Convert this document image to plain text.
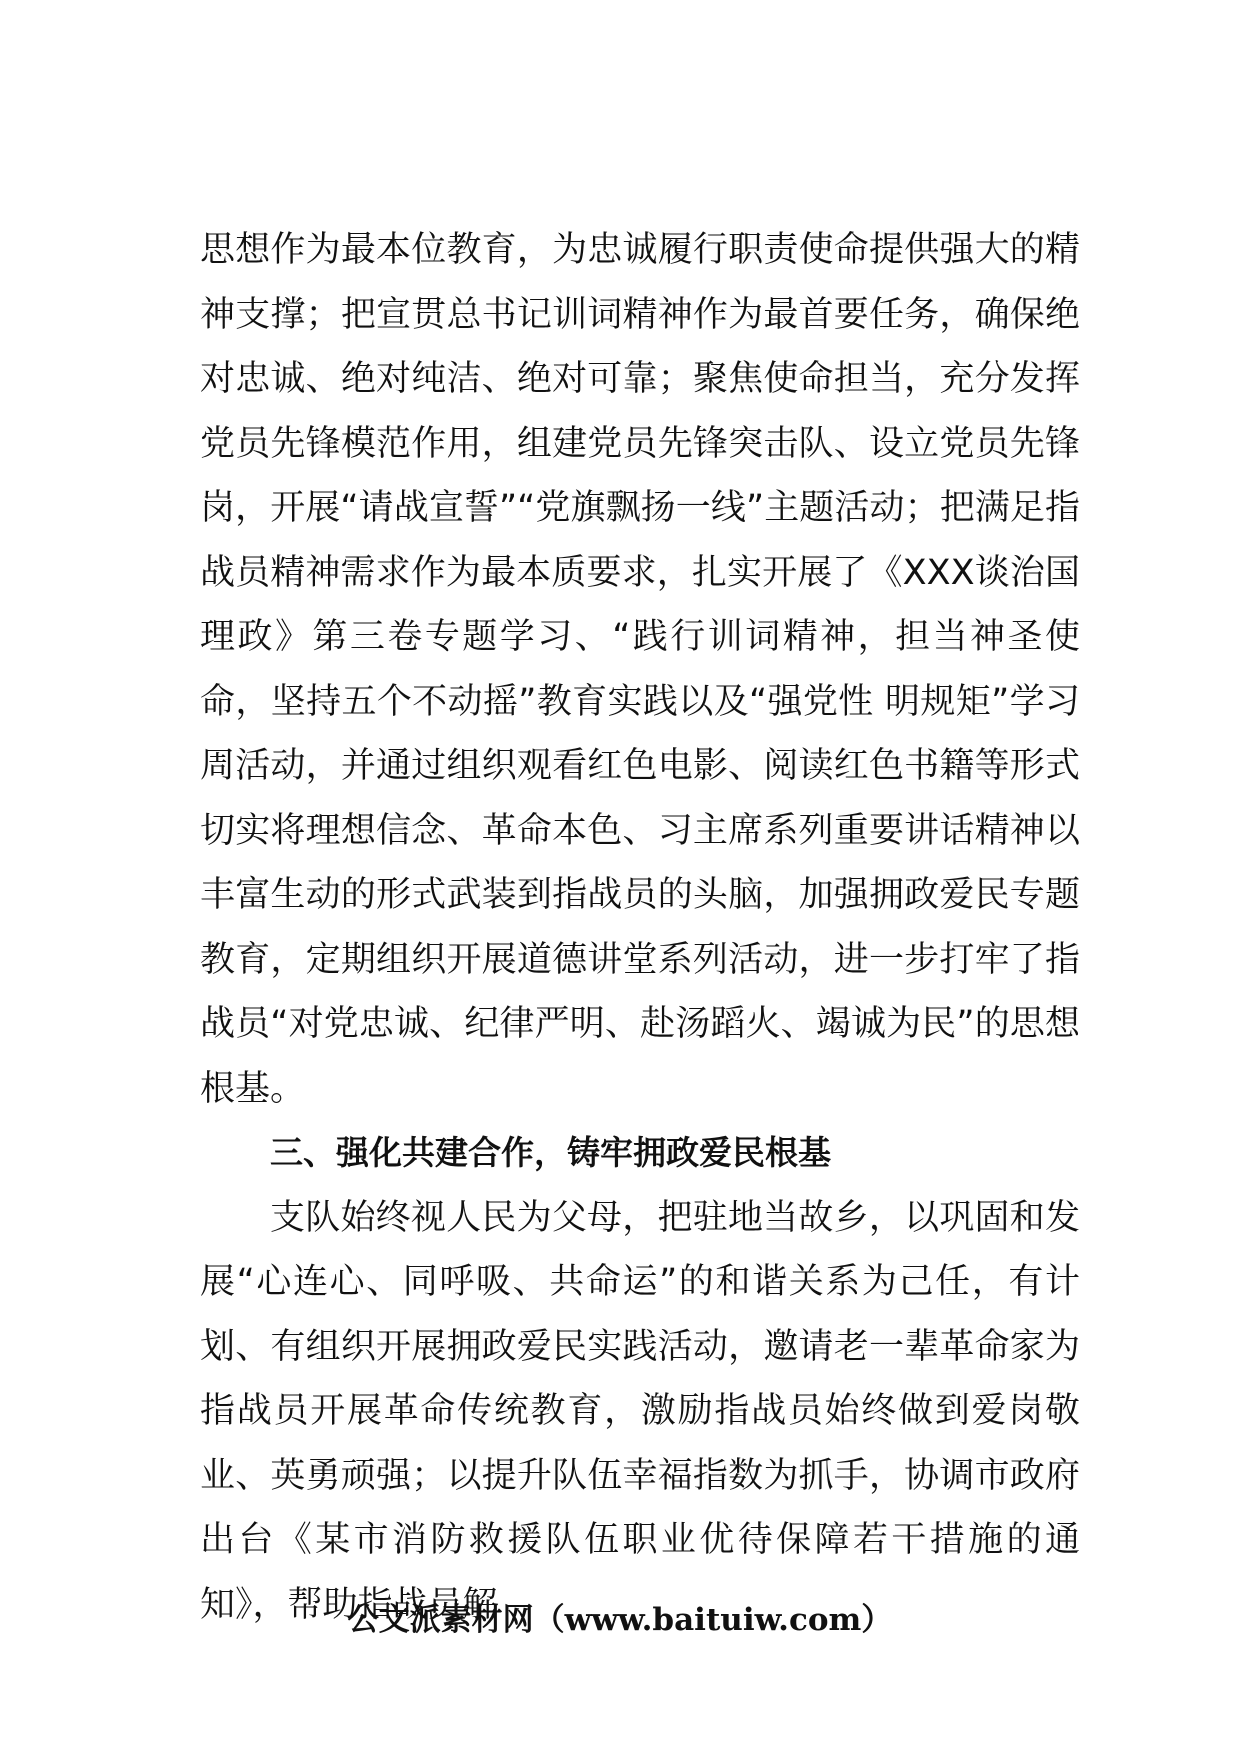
思想作为最本位教育，为忠诚履行职责使命提供强大的精神支撑；把宣贯总书记训词精神作为最首要任务，确保绝对忠诚、绝对纯洁、绝对可靠；聚焦使命担当，充分发挥党员先锋模范作用，组建党员先锋突击队、设立党员先锋岗，开展“请战宣誓”“党旗飘扬一线”主题活动；把满足指战员精神需求作为最本质要求，扎实开展了《XXX谈治国理政》第三卷专题学习、“践行训词精神，担当神圣使命，坚持五个不动摇”教育实践以及“强党性 明规矩”学习周活动，并通过组织观看红色电影、阅读红色书籍等形式切实将理想信念、革命本色、习主席系列重要讲话精神以丰富生动的形式武装到指战员的头脑，加强拥政爱民专题教育，定期组织开展道德讲堂系列活动，进一步打牢了指战员“对党忠诚、纪律严明、赴汤蹈火、竭诚为民”的思想根基。

三、强化共建合作，铸牢拥政爱民根基

支队始终视人民为父母，把驻地当故乡，以巩固和发展“心连心、同呼吸、共命运”的和谐关系为己任，有计划、有组织开展拥政爱民实践活动，邀请老一辈革命家为指战员开展革命传统教育，激励指战员始终做到爱岗敬业、英勇顽强；以提升队伍幸福指数为抓手，协调市政府出台《某市消防救援队伍职业优待保障若干措施的通知》，帮助指战员解

公文派素材网（www.baituiw.com）
